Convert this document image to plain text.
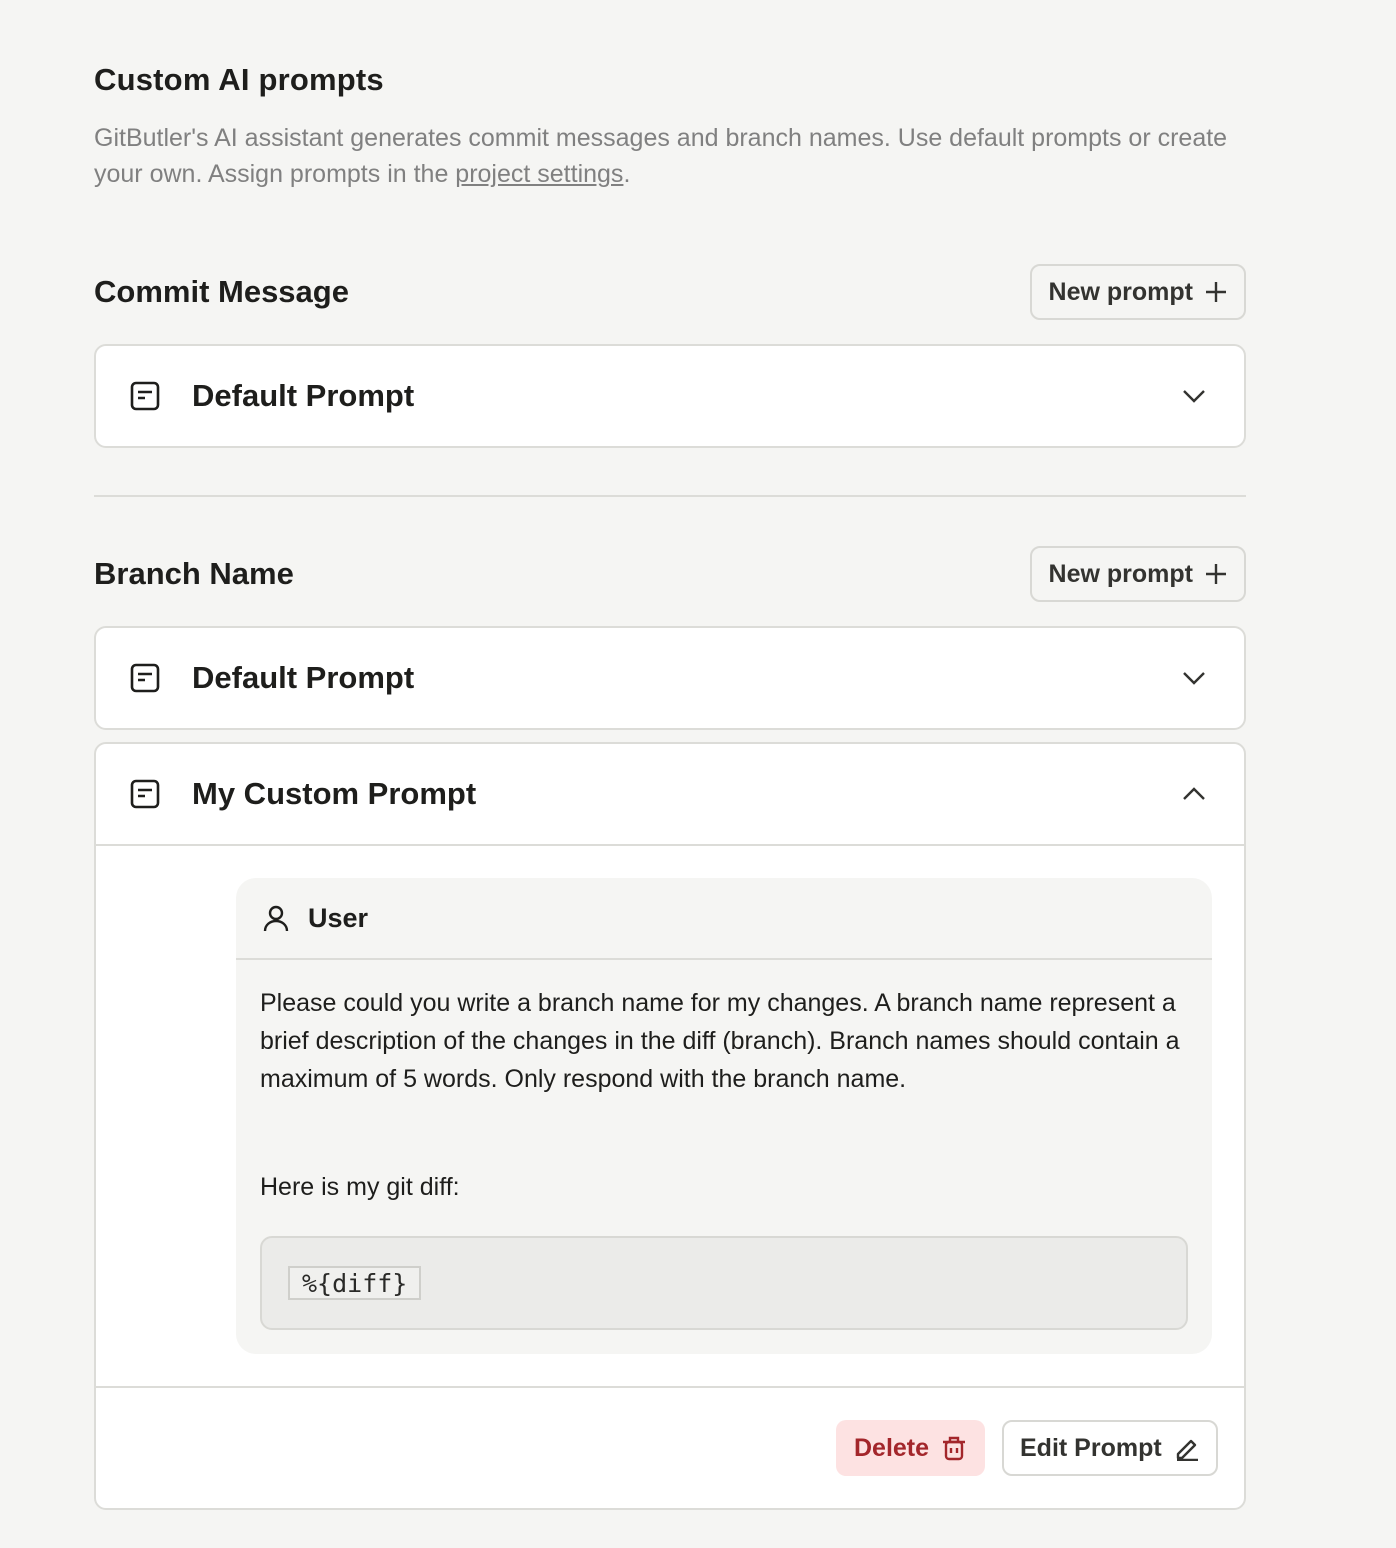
Custom AI prompts

GitButler's AI assistant generates commit messages and branch names. Use default prompts or create your own. Assign prompts in the project settings.

Commit Message	New prompt
Default Prompt
Branch Name	New prompt
Default Prompt
My Custom Prompt
User

Please could you write a branch name for my changes. A branch name represent a brief description of the changes in the diff (branch). Branch names should contain a maximum of 5 words. Only respond with the branch name.

Here is my git diff:

%{diff}
Delete	Edit Prompt
